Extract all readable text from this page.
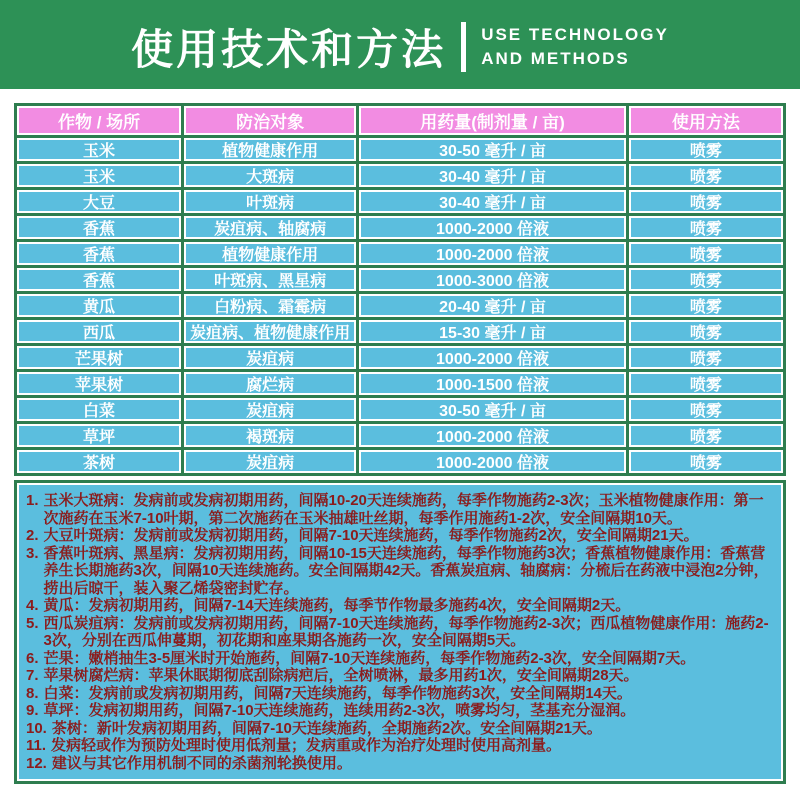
使用技术和方法 USE TECHNOLOGY
AND METHODS
作物 / 场所	防治对象	用药量(制剂量 / 亩)	使用方法
玉米	植物健康作用	30-50 毫升 / 亩	喷雾
玉米	大斑病	30-40 毫升 / 亩	喷雾
大豆	叶斑病	30-40 毫升 / 亩	喷雾
香蕉	炭疽病、轴腐病	1000-2000 倍液	喷雾
香蕉	植物健康作用	1000-2000 倍液	喷雾
香蕉	叶斑病、黑星病	1000-3000 倍液	喷雾
黄瓜	白粉病、霜霉病	20-40 毫升 / 亩	喷雾
西瓜	炭疽病、植物健康作用	15-30 毫升 / 亩	喷雾
芒果树	炭疽病	1000-2000 倍液	喷雾
苹果树	腐烂病	1000-1500 倍液	喷雾
白菜	炭疽病	30-50 毫升 / 亩	喷雾
草坪	褐斑病	1000-2000 倍液	喷雾
茶树	炭疽病	1000-2000 倍液	喷雾
1. 玉米大斑病：发病前或发病初期用药，间隔10-20天连续施药，每季作物施药2-3次；玉米植物健康作用：第一次施药在玉米7-10叶期，第二次施药在玉米抽雄吐丝期，每季作用施药1-2次，安全间隔期10天。
2. 大豆叶斑病：发病前或发病初期用药，间隔7-10天连续施药，每季作物施药2次，安全间隔期21天。
3. 香蕉叶斑病、黑星病：发病初期用药，间隔10-15天连续施药，每季作物施药3次；香蕉植物健康作用：香蕉营养生长期施药3次，间隔10天连续施药。安全间隔期42天。香蕉炭疽病、轴腐病：分梳后在药液中浸泡2分钟，捞出后晾干，装入聚乙烯袋密封贮存。
4. 黄瓜：发病初期用药，间隔7-14天连续施药，每季节作物最多施药4次，安全间隔期2天。
5. 西瓜炭疽病：发病前或发病初期用药，间隔7-10天连续施药，每季作物施药2-3次；西瓜植物健康作用：施药2-3次，分别在西瓜伸蔓期，初花期和座果期各施药一次，安全间隔期5天。
6. 芒果：嫩梢抽生3-5厘米时开始施药，间隔7-10天连续施药，每季作物施药2-3次，安全间隔期7天。
7. 苹果树腐烂病：苹果休眠期彻底刮除病疤后，全树喷淋，最多用药1次，安全间隔期28天。
8. 白菜：发病前或发病初期用药，间隔7天连续施药，每季作物施药3次，安全间隔期14天。
9. 草坪：发病初期用药，间隔7-10天连续施药，连续用药2-3次，喷雾均匀，茎基充分湿润。
10. 茶树：新叶发病初期用药，间隔7-10天连续施药，全期施药2次。安全间隔期21天。
11. 发病轻或作为预防处理时使用低剂量；发病重或作为治疗处理时使用高剂量。
12. 建议与其它作用机制不同的杀菌剂轮换使用。
